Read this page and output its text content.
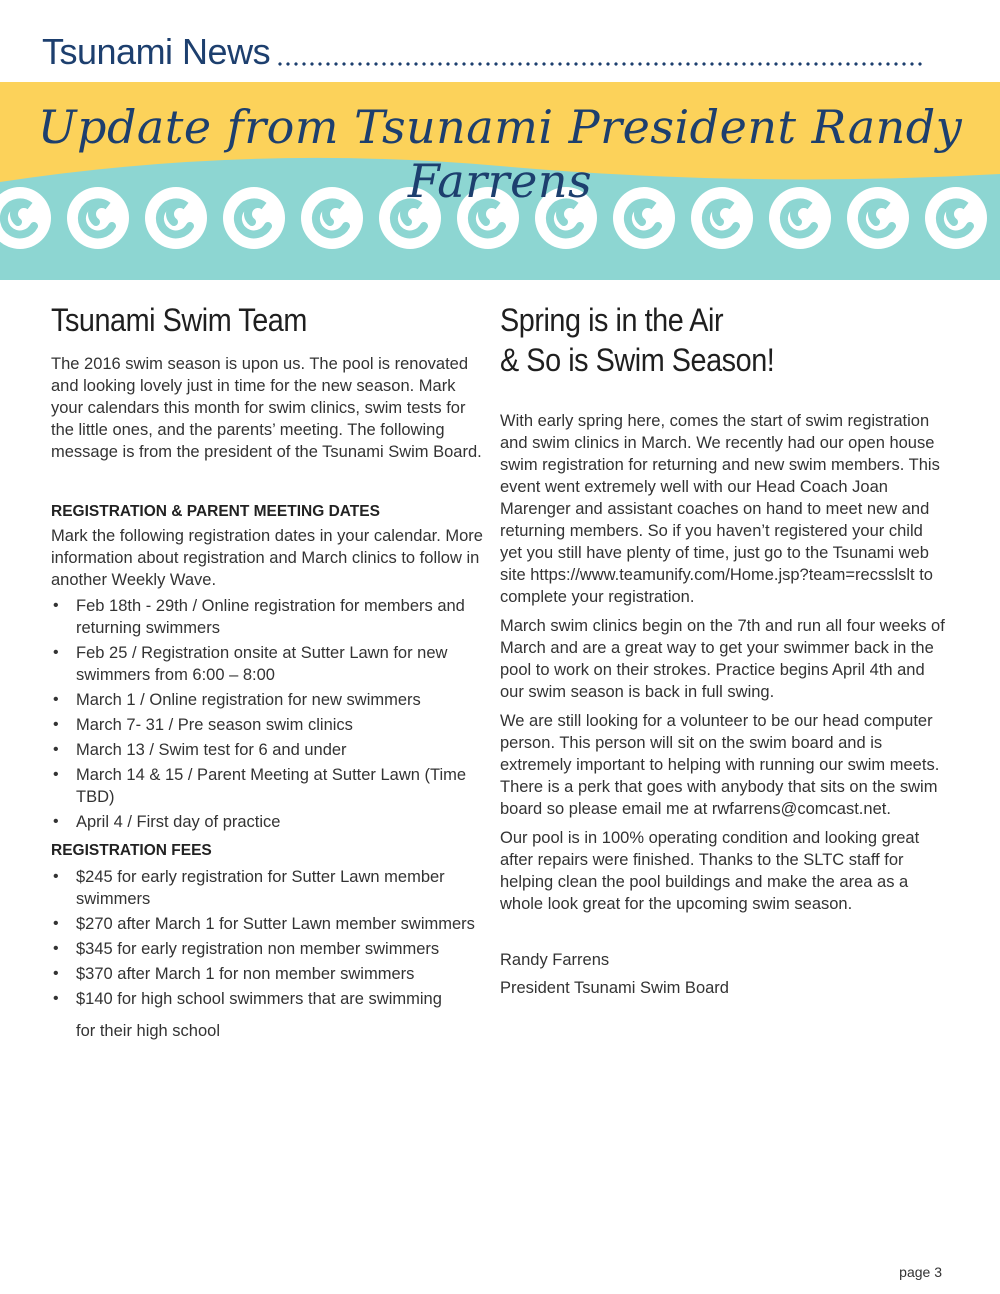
Tsunami News
Update from Tsunami President Randy Farrens
Tsunami Swim Team

The 2016 swim season is upon us. The pool is renovated and looking lovely just in time for the new season. Mark your calendars this month for swim clinics, swim tests for the little ones, and the parents’ meeting. The following message is from the president of the Tsunami Swim Board.

REGISTRATION & PARENT MEETING DATES

Mark the following registration dates in your calendar. More information about registration and March clinics to follow in another Weekly Wave.

• Feb 18th - 29th / Online registration for members and returning swimmers
• Feb 25 / Registration onsite at Sutter Lawn for new swimmers from 6:00 – 8:00
• March 1 / Online registration for new swimmers
• March 7- 31 / Pre season swim clinics
• March 13 / Swim test for 6 and under
• March 14 & 15 / Parent Meeting at Sutter Lawn (Time TBD)
• April 4 / First day of practice
REGISTRATION FEES
• $245 for early registration for Sutter Lawn member swimmers
• $270 after March 1 for Sutter Lawn member swimmers
• $345 for early registration non member swimmers
• $370 after March 1 for non member swimmers
• $140 for high school swimmers that are swimming

for their high school

Spring is in the Air
& So is Swim Season!

With early spring here, comes the start of swim registration and swim clinics in March. We recently had our open house swim registration for returning and new swim members. This event went extremely well with our Head Coach Joan Marenger and assistant coaches on hand to meet new and returning members. So if you haven’t registered your child yet you still have plenty of time, just go to the Tsunami web site https://www.teamunify.com/Home.jsp?team=recsslslt to complete your registration.

March swim clinics begin on the 7th and run all four weeks of March and are a great way to get your swimmer back in the pool to work on their strokes. Practice begins April 4th and our swim season is back in full swing.

We are still looking for a volunteer to be our head computer person. This person will sit on the swim board and is extremely important to helping with running our swim meets. There is a perk that goes with anybody that sits on the swim board so please email me at rwfarrens@comcast.net.

Our pool is in 100% operating condition and looking great after repairs were finished. Thanks to the SLTC staff for helping clean the pool buildings and make the area as a whole look great for the upcoming swim season.

Randy Farrens

President Tsunami Swim Board

page 3
